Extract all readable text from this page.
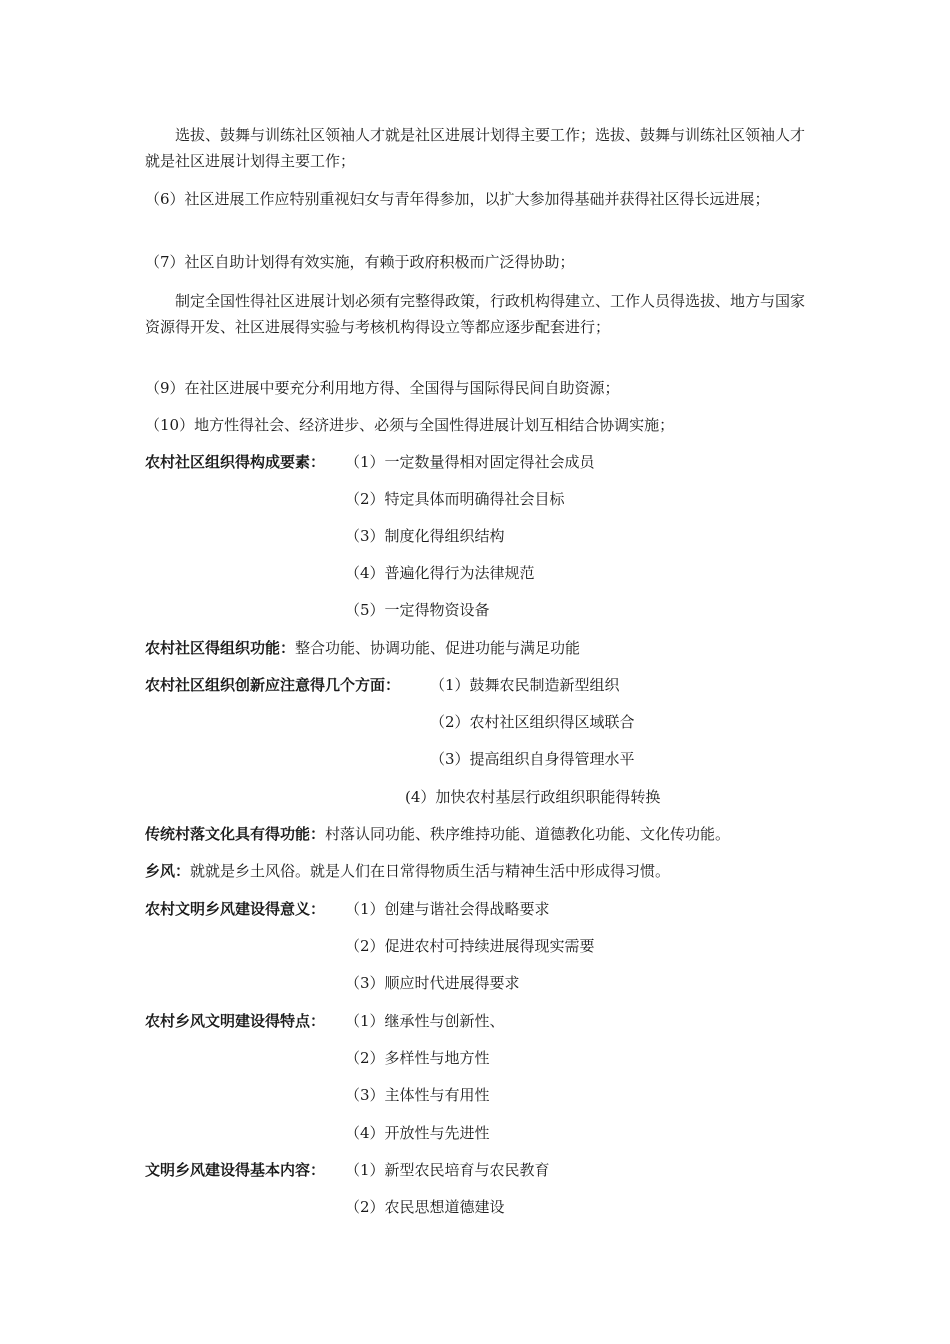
选拔、鼓舞与训练社区领袖人才就是社区进展计划得主要工作；选拔、鼓舞与训练社区领袖人才就是社区进展计划得主要工作；

（6）社区进展工作应特别重视妇女与青年得参加，以扩大参加得基础并获得社区得长远进展；

（7）社区自助计划得有效实施，有赖于政府积极而广泛得协助；

制定全国性得社区进展计划必须有完整得政策，行政机构得建立、工作人员得选拔、地方与国家资源得开发、社区进展得实验与考核机构得设立等都应逐步配套进行；

（9）在社区进展中要充分利用地方得、全国得与国际得民间自助资源；

（10）地方性得社会、经济进步、必须与全国性得进展计划互相结合协调实施；

农村社区组织得构成要素： （1）一定数量得相对固定得社会成员
（2）特定具体而明确得社会目标
（3）制度化得组织结构
（4）普遍化得行为法律规范
（5）一定得物资设备
农村社区得组织功能：整合功能、协调功能、促进功能与满足功能
农村社区组织创新应注意得几个方面： （1）鼓舞农民制造新型组织
（2）农村社区组织得区域联合
（3）提高组织自身得管理水平
(4）加快农村基层行政组织职能得转换
传统村落文化具有得功能：村落认同功能、秩序维持功能、道德教化功能、文化传功能。
乡风：就就是乡土风俗。就是人们在日常得物质生活与精神生活中形成得习惯。
农村文明乡风建设得意义： （1）创建与谐社会得战略要求
（2）促进农村可持续进展得现实需要
（3）顺应时代进展得要求
农村乡风文明建设得特点： （1）继承性与创新性、
（2）多样性与地方性
（3）主体性与有用性
（4）开放性与先进性
文明乡风建设得基本内容： （1）新型农民培育与农民教育
（2）农民思想道德建设
